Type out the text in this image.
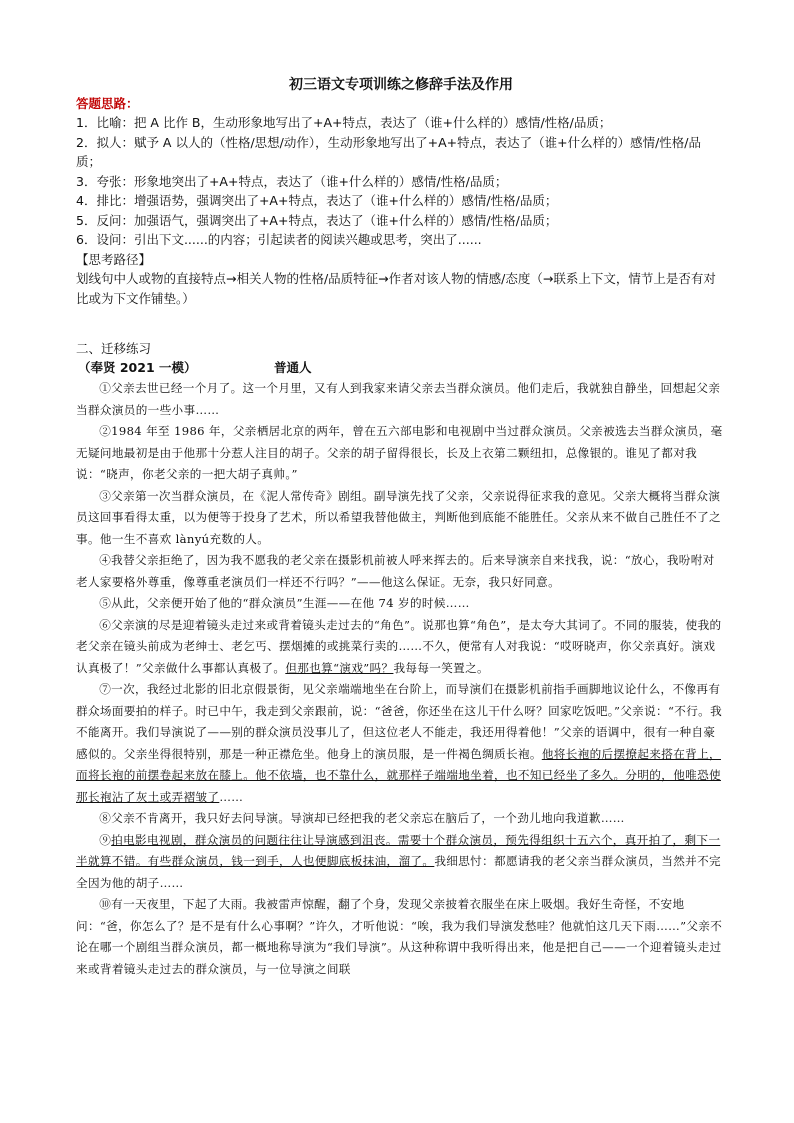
初三语文专项训练之修辞手法及作用
答题思路：
1．比喻：把 A 比作 B，生动形象地写出了+A+特点，表达了（谁+什么样的）感情/性格/品质；
2．拟人：赋予 A 以人的（性格/思想/动作），生动形象地写出了+A+特点，表达了（谁+什么样的）感情/性格/品质；
3．夸张：形象地突出了+A+特点，表达了（谁+什么样的）感情/性格/品质；
4．排比：增强语势，强调突出了+A+特点，表达了（谁+什么样的）感情/性格/品质；
5．反问：加强语气，强调突出了+A+特点，表达了（谁+什么样的）感情/性格/品质；
6．设问：引出下文......的内容；引起读者的阅读兴趣或思考，突出了......
【思考路径】
划线句中人或物的直接特点→相关人物的性格/品质特征→作者对该人物的情感/态度（→联系上下文，情节上是否有对比或为下文作铺垫。）
二、迁移练习
（奉贤 2021 一模）	普通人

①父亲去世已经一个月了。这一个月里，又有人到我家来请父亲去当群众演员。他们走后，我就独自静坐，回想起父亲当群众演员的一些小事……

②1984 年至 1986 年，父亲栖居北京的两年，曾在五六部电影和电视剧中当过群众演员。父亲被选去当群众演员，毫无疑问地最初是由于他那十分惹人注目的胡子。父亲的胡子留得很长，长及上衣第二颗纽扣，总像银的。谁见了都对我说：“晓声，你老父亲的一把大胡子真帅。”

③父亲第一次当群众演员，在《泥人常传奇》剧组。副导演先找了父亲，父亲说得征求我的意见。父亲大概将当群众演员这回事看得太重，以为便等于投身了艺术，所以希望我替他做主，判断他到底能不能胜任。父亲从来不做自己胜任不了之事。他一生不喜欢 lànyú充数的人。

④我替父亲拒绝了，因为我不愿我的老父亲在摄影机前被人呼来挥去的。后来导演亲自来找我，说：“放心，我吩咐对老人家要格外尊重，像尊重老演员们一样还不行吗？”——他这么保证。无奈，我只好同意。

⑤从此，父亲便开始了他的“群众演员”生涯——在他 74 岁的时候……

⑥父亲演的尽是迎着镜头走过来或背着镜头走过去的“角色”。说那也算“角色”，是太夸大其词了。不同的服装，使我的老父亲在镜头前成为老绅士、老乞丐、摆烟摊的或挑菜行卖的……不久，便常有人对我说：“哎呀晓声，你父亲真好。演戏认真极了！”父亲做什么事都认真极了。但那也算“演戏”吗？我每每一笑置之。

⑦一次，我经过北影的旧北京假景街，见父亲端端地坐在台阶上，而导演们在摄影机前指手画脚地议论什么，不像再有群众场面要拍的样子。时已中午，我走到父亲跟前，说：“爸爸，你还坐在这儿干什么呀？回家吃饭吧。”父亲说：“不行。我不能离开。我们导演说了——别的群众演员没事儿了，但这位老人不能走，我还用得着他！”父亲的语调中，很有一种自豪感似的。父亲坐得很特别，那是一种正襟危坐。他身上的演员服，是一件褐色绸质长袍。他将长袍的后摆撩起来搭在背上，而将长袍的前摆卷起来放在膝上。他不依墙，也不靠什么，就那样子端端地坐着，也不知已经坐了多久。分明的，他唯恐使那长袍沾了灰土或弄褶皱了……

⑧父亲不肯离开，我只好去问导演。导演却已经把我的老父亲忘在脑后了，一个劲儿地向我道歉……

⑨拍电影电视剧，群众演员的问题往往让导演感到沮丧。需要十个群众演员，预先得组织十五六个，真开拍了，剩下一半就算不错。有些群众演员，钱一到手，人也便脚底板抹油，溜了。我细思忖：都愿请我的老父亲当群众演员，当然并不完全因为他的胡子……

⑩有一天夜里，下起了大雨。我被雷声惊醒，翻了个身，发现父亲披着衣服坐在床上吸烟。我好生奇怪，不安地问：“爸，你怎么了？是不是有什么心事啊？”许久，才听他说：“唉，我为我们导演发愁哇？他就怕这几天下雨……”父亲不论在哪一个剧组当群众演员，都一概地称导演为“我们导演”。从这种称谓中我听得出来，他是把自己——一个迎着镜头走过来或背着镜头走过去的群众演员，与一位导演之间联
